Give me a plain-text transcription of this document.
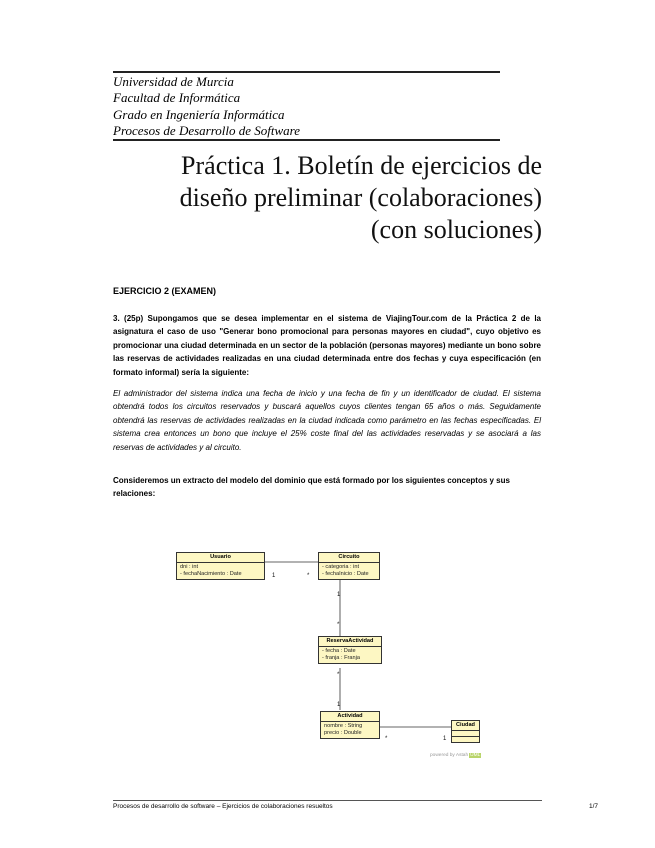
Universidad de Murcia
Facultad de Informática
Grado en Ingeniería Informática
Procesos de Desarrollo de Software
Práctica 1. Boletín de ejercicios de
diseño preliminar (colaboraciones)
(con soluciones)
EJERCICIO 2 (EXAMEN)
3. (25p) Supongamos que se desea implementar en el sistema de ViajingTour.com de la Práctica 2 de la asignatura el caso de uso "Generar bono promocional para personas mayores en ciudad", cuyo objetivo es promocionar una ciudad determinada en un sector de la población (personas mayores) mediante un bono sobre las reservas de actividades realizadas en una ciudad determinada entre dos fechas y cuya especificación (en formato informal) sería la siguiente:
El administrador del sistema indica una fecha de inicio y una fecha de fin y un identificador de ciudad. El sistema obtendrá todos los circuitos reservados y buscará aquellos cuyos clientes tengan 65 años o más. Seguidamente obtendrá las reservas de actividades realizadas en la ciudad indicada como parámetro en las fechas especificadas. El sistema crea entonces un bono que incluye el 25% coste final del las actividades reservadas y se asociará a las reservas de actividades y al circuito.
Consideremos un extracto del modelo del dominio que está formado por los siguientes conceptos y sus relaciones:
Usuario
dni : int
- fechaNacimiento : Date
Circuito
- categoria : int
- fechaInicio : Date
ReservaActividad
- fecha : Date
- franja : Franja
Actividad
nombre : String
precio : Double
Ciudad
1	*
1
*
*
1
*	1
powered by Astah UML
Procesos de desarrollo de software – Ejercicios de colaboraciones resueltos	1/7
